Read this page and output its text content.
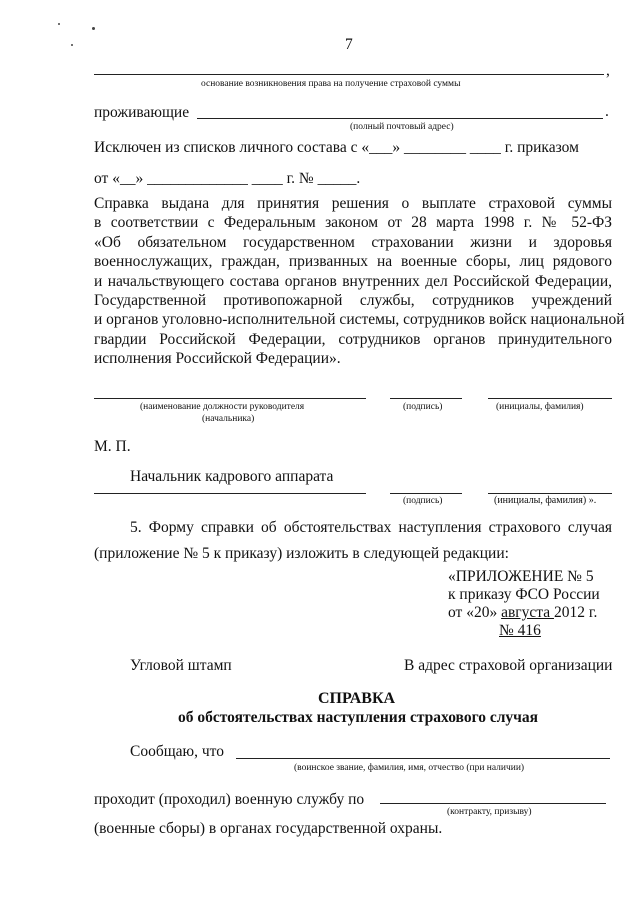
7
,
основание возникновения права на получение страховой суммы
проживающие	.
(полный почтовый адрес)
Исключен из списков личного состава с «___» ________ ____ г. приказом
от «__» _____________ ____ г. № _____.
Справка выдана для принятия решения о выплате страховой суммы
в соответствии с Федеральным законом от 28 марта 1998 г. № 52-ФЗ
«Об обязательном государственном страховании жизни и здоровья
военнослужащих, граждан, призванных на военные сборы, лиц рядового
и начальствующего состава органов внутренних дел Российской Федерации,
Государственной противопожарной службы, сотрудников учреждений
и органов уголовно-исполнительной системы, сотрудников войск национальной
гвардии Российской Федерации, сотрудников органов принудительного
исполнения Российской Федерации».
(наименование должности руководителя
(начальника)
(подпись)	(инициалы, фамилия)
М. П.
Начальник кадрового аппарата
(подпись)	(инициалы, фамилия) ».
5. Форму справки об обстоятельствах наступления страхового случая
(приложение № 5 к приказу) изложить в следующей редакции:
«ПРИЛОЖЕНИЕ № 5
к приказу ФСО России
от «20» августа 2012 г.
№ 416
Угловой штамп	В адрес страховой организации
СПРАВКА
об обстоятельствах наступления страхового случая
Сообщаю, что
(воинское звание, фамилия, имя, отчество (при наличии)
проходит (проходил) военную службу по
(контракту, призыву)
(военные сборы) в органах государственной охраны.
